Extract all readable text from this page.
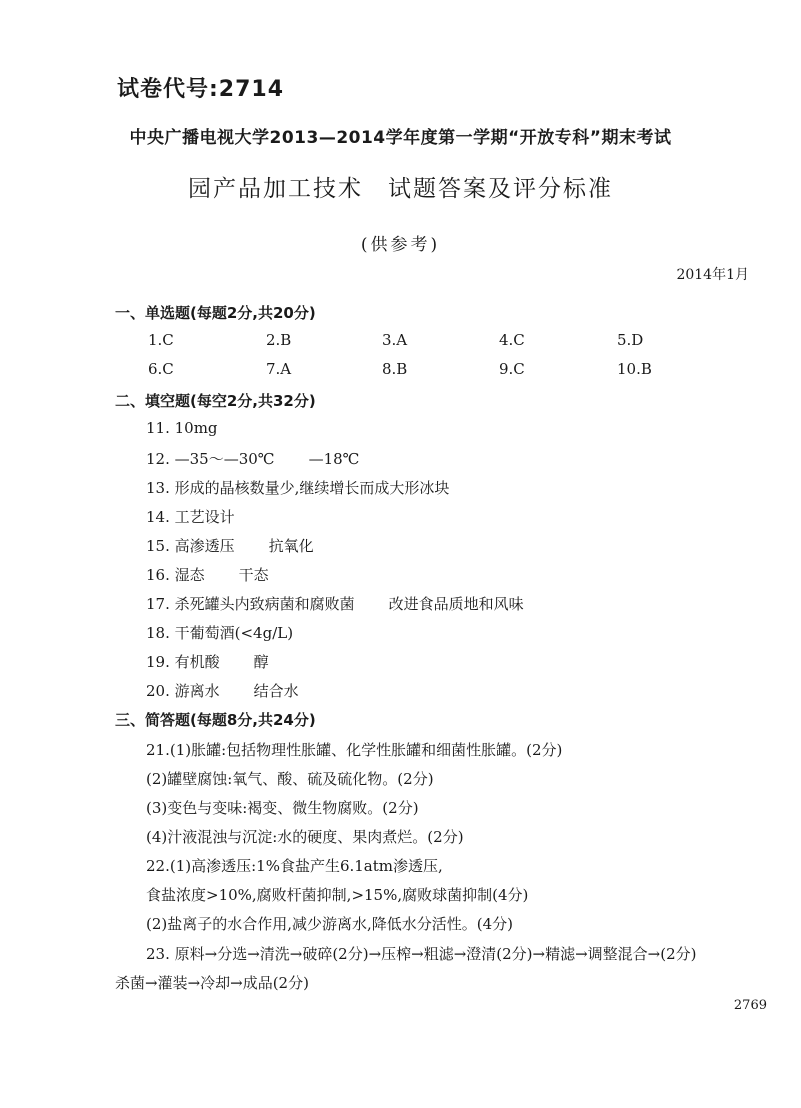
试卷代号:2714
中央广播电视大学2013—2014学年度第一学期“开放专科”期末考试
园产品加工技术　试题答案及评分标准
(供参考)
2014年1月
一、单选题(每题2分,共20分)
1.C	2.B	3.A	4.C	5.D
6.C	7.A	8.B	9.C	10.B
二、填空题(每空2分,共32分)
11. 10mg
12. —35～—30℃ —18℃
13. 形成的晶核数量少,继续增长而成大形冰块
14. 工艺设计
15. 高渗透压 抗氧化
16. 湿态 干态
17. 杀死罐头内致病菌和腐败菌 改进食品质地和风味
18. 干葡萄酒(<4g/L)
19. 有机酸 醇
20. 游离水 结合水
三、简答题(每题8分,共24分)
21.(1)胀罐:包括物理性胀罐、化学性胀罐和细菌性胀罐。(2分)
(2)罐壁腐蚀:氧气、酸、硫及硫化物。(2分)
(3)变色与变味:褐变、微生物腐败。(2分)
(4)汁液混浊与沉淀:水的硬度、果肉煮烂。(2分)
22.(1)高渗透压:1%食盐产生6.1atm渗透压,
食盐浓度>10%,腐败杆菌抑制,>15%,腐败球菌抑制(4分)
(2)盐离子的水合作用,减少游离水,降低水分活性。(4分)
23. 原料→分选→清洗→破碎(2分)→压榨→粗滤→澄清(2分)→精滤→调整混合→(2分)
杀菌→灌装→冷却→成品(2分)
2769
